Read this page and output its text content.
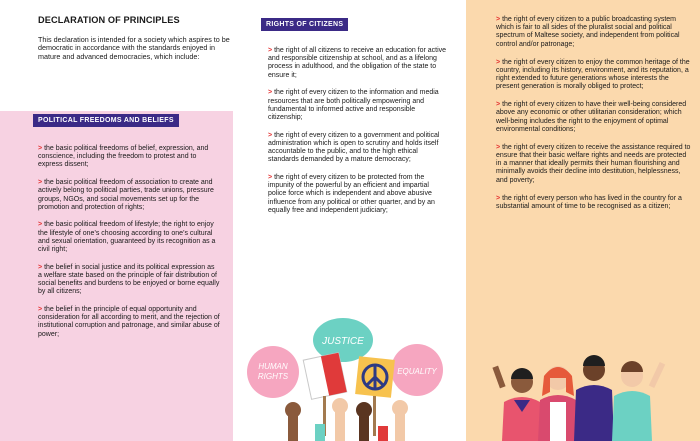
DECLARATION OF PRINCIPLES
This declaration is intended for a society which aspires to be democratic in accordance with the standards enjoyed in mature and advanced democracies, which include:
POLITICAL FREEDOMS AND BELIEFS
> the basic political freedoms of belief, expression, and conscience, including the freedom to protest and to express dissent;
> the basic political freedom of association to create and actively belong to political parties, trade unions, pressure groups, NGOs, and social movements set up for the promotion and protection of rights;
> the basic political freedom of lifestyle; the right to enjoy the lifestyle of one’s choosing according to one’s cultural and sexual orientation, guaranteed by its recognition as a civil right;
> the belief in social justice and its political expression as a welfare state based on the principle of fair distribution of social benefits and burdens to be enjoyed or borne equally by all citizens;
> the belief in the principle of equal opportunity and consideration for all according to merit, and the rejection of institutional corruption and patronage, and similar abuse of power;
RIGHTS OF CITIZENS
> the right of all citizens to receive an education for active and responsible citizenship at school, and as a lifelong process in adulthood, and the obligation of the state to ensure it;
> the right of every citizen to the information and media resources that are both politically empowering and fundamental to informed active and responsible citizenship;
> the right of every citizen to a government and political administration which is open to scrutiny and holds itself accountable to the public, and to the high ethical standards demanded by a mature democracy;
> the right of every citizen to be protected from the impunity of the powerful by an efficient and impartial police force which is independent and above abusive influence from any political or other quarter, and by an equally free and independent judiciary;
JUSTICE
HUMAN
RIGHTS
EQUALITY
> the right of every citizen to a public broadcasting system which is fair to all sides of the pluralist social and political spectrum of Maltese society, and independent from political control and/or patronage;
> the right of every citizen to enjoy the common heritage of the country, including its history, environment, and its reputation, a right extended to future generations whose interests the present generation is morally obliged to protect;
> the right of every citizen to have their well-being considered above any economic or other utilitarian consideration; which well-being includes the right to the enjoyment of optimal environmental conditions;
> the right of every citizen to receive the assistance required to ensure that their basic welfare rights and needs are protected in a manner that ideally permits their human flourishing and minimally avoids their decline into destitution, helplessness, and poverty;
> the right of every person who has lived in the country for a substantial amount of time to be recognised as a citizen;
